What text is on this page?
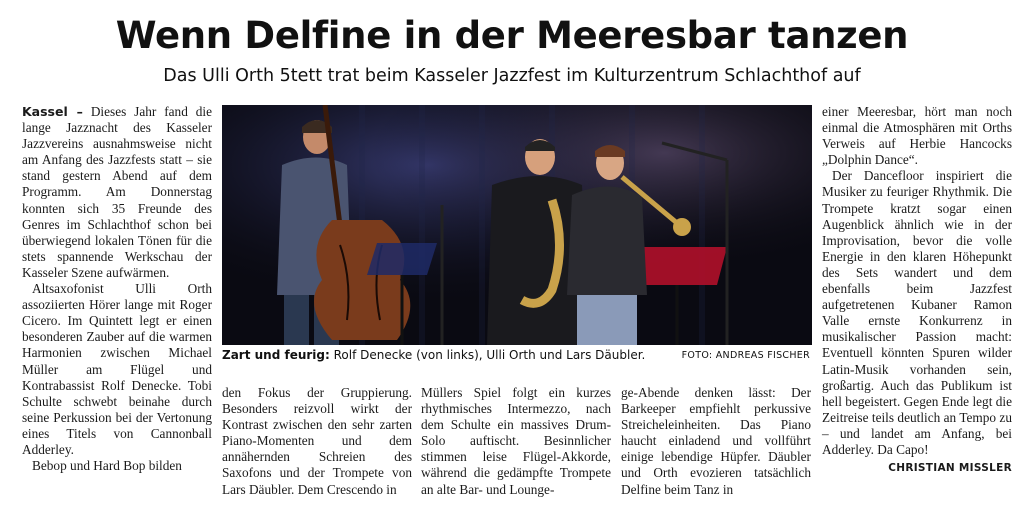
Wenn Delfine in der Meeresbar tanzen
Das Ulli Orth 5tett trat beim Kasseler Jazzfest im Kulturzentrum Schlachthof auf

Kassel – Dieses Jahr fand die lange Jazznacht des Kasseler Jazzvereins ausnahmsweise nicht am Anfang des Jazzfests statt – sie stand gestern Abend auf dem Programm. Am Donnerstag konnten sich 35 Freunde des Genres im Schlachthof schon bei überwiegend lokalen Tönen für die stets spannende Werkschau der Kasseler Szene aufwärmen.

Altsaxofonist Ulli Orth assoziierten Hörer lange mit Roger Cicero. Im Quintett legt er einen besonderen Zauber auf die warmen Harmonien zwischen Michael Müller am Flügel und Kontrabassist Rolf Denecke. Tobi Schulte schwebt beinahe durch seine Perkussion bei der Vertonung eines Titels von Cannonball Adderley.

Bebop und Hard Bop bilden

Zart und feurig: Rolf Denecke (von links), Ulli Orth und Lars Däubler.	FOTO: ANDREAS FISCHER

den Fokus der Gruppierung. Besonders reizvoll wirkt der Kontrast zwischen den sehr zarten Piano-Momenten und dem annähernden Schreien des Saxofons und der Trompete von Lars Däubler. Dem Crescendo in

Müllers Spiel folgt ein kurzes rhythmisches Intermezzo, nach dem Schulte ein massives Drum-Solo auftischt. Besinnlicher stimmen leise Flügel-Akkorde, während die gedämpfte Trompete an alte Bar- und Lounge-

ge-Abende denken lässt: Der Barkeeper empfiehlt perkussive Streicheleinheiten. Das Piano haucht einladend und vollführt einige lebendige Hüpfer. Däubler und Orth evozieren tatsächlich Delfine beim Tanz in

einer Meeresbar, hört man noch einmal die Atmosphären mit Orths Verweis auf Herbie Hancocks „Dolphin Dance“.

Der Dancefloor inspiriert die Musiker zu feuriger Rhythmik. Die Trompete kratzt sogar einen Augenblick ähnlich wie in der Improvisation, bevor die volle Energie in den klaren Höhepunkt des Sets wandert und dem ebenfalls beim Jazzfest aufgetretenen Kubaner Ramon Valle ernste Konkurrenz in musikalischer Passion macht: Eventuell könnten Spuren wilder Latin-Musik vorhanden sein, großartig. Auch das Publikum ist hell begeistert. Gegen Ende legt die Zeitreise teils deutlich an Tempo zu – und landet am Anfang, bei Adderley. Da Capo!
CHRISTIAN MISSLER
